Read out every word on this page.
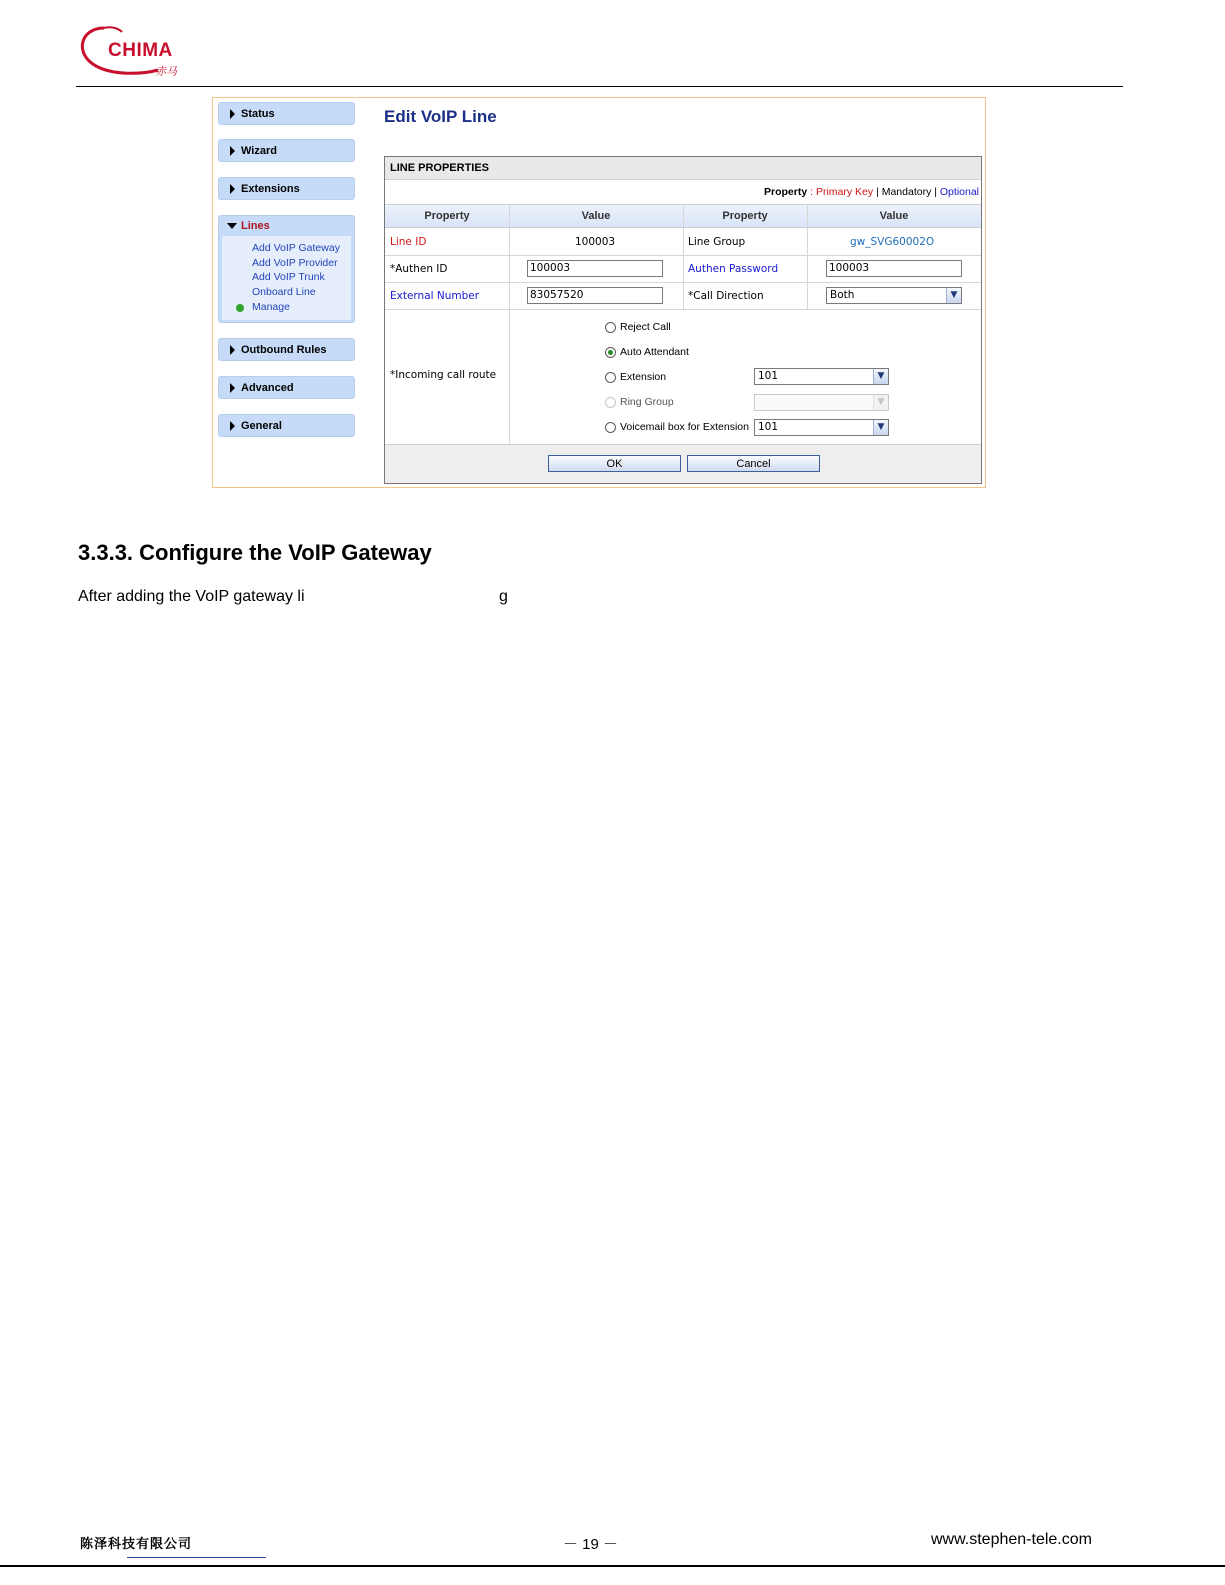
CHIMA
赤马
Status
Wizard
Extensions
Lines
Add VoIP Gateway
Add VoIP Provider
Add VoIP Trunk
Onboard Line
Manage
Outbound Rules
Advanced
General
Edit VoIP Line
LINE PROPERTIES
Property : Primary Key | Mandatory | Optional
Property	Value	Property	Value
Line ID	100003	Line Group	gw_SVG60002O
*Authen ID	100003	Authen Password	100003
External Number	83057520	*Call Direction	Both	▼
*Incoming call route
Reject Call
Auto Attendant
Extension	101	▼
Ring Group	▼
Voicemail box for Extension 101	▼
OK	Cancel
3.3.3. Configure the VoIP Gateway
After adding the VoIP gateway li	g
陈泽科技有限公司	－ 19 －	www.stephen-tele.com
